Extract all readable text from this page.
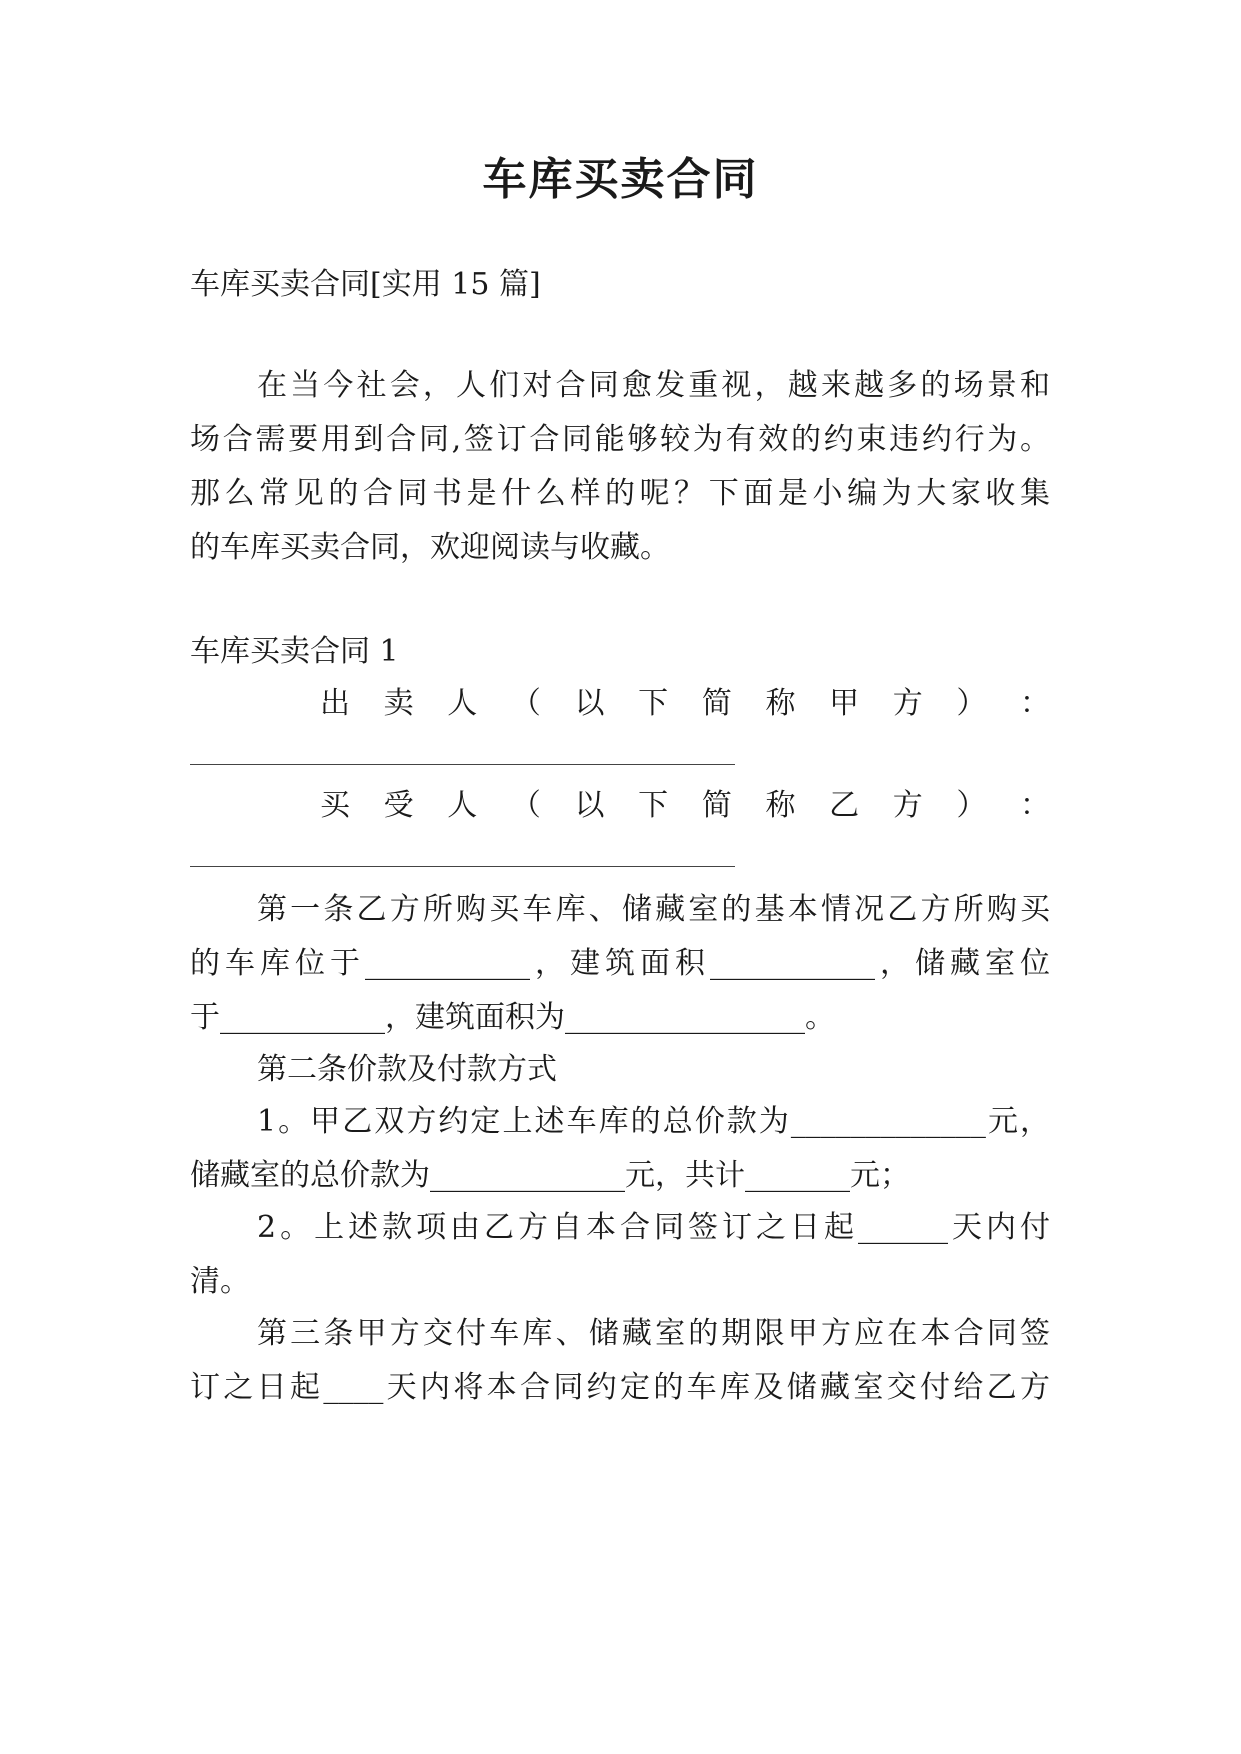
车库买卖合同
车库买卖合同[实用 15 篇]
在当今社会，人们对合同愈发重视，越来越多的场景和
场合需要用到合同,签订合同能够较为有效的约束违约行为。
那么常见的合同书是什么样的呢？下面是小编为大家收集
的车库买卖合同，欢迎阅读与收藏。
车库买卖合同 1
出 卖 人 （ 以 下 简 称 甲 方 ） ：
买 受 人 （ 以 下 简 称 乙 方 ） ：
第一条乙方所购买车库、储藏室的基本情况乙方所购买
的车库位于___________，建筑面积___________，储藏室位
于___________，建筑面积为________________。
第二条价款及付款方式
1。甲乙双方约定上述车库的总价款为_____________元，
储藏室的总价款为_____________元，共计_______元；
2。上述款项由乙方自本合同签订之日起______天内付
清。
第三条甲方交付车库、储藏室的期限甲方应在本合同签
订之日起____天内将本合同约定的车库及储藏室交付给乙方
